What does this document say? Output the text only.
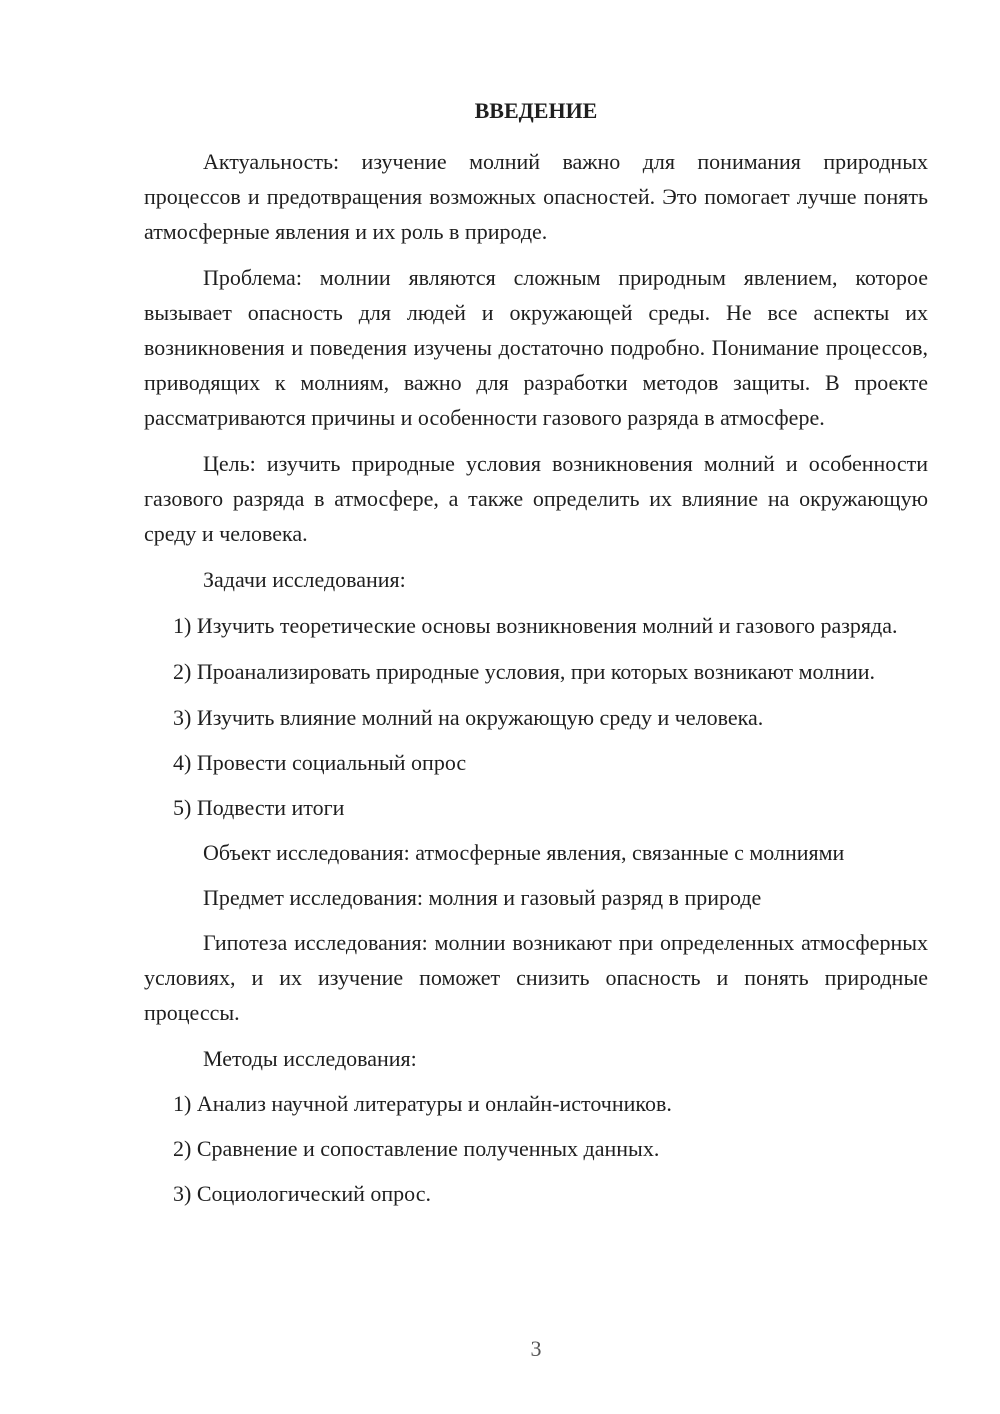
ВВЕДЕНИЕ

Актуальность: изучение молний важно для понимания природных процессов и предотвращения возможных опасностей. Это помогает лучше понять атмосферные явления и их роль в природе.

Проблема: молнии являются сложным природным явлением, которое вызывает опасность для людей и окружающей среды. Не все аспекты их возникновения и поведения изучены достаточно подробно. Понимание процессов, приводящих к молниям, важно для разработки методов защиты. В проекте рассматриваются причины и особенности газового разряда в атмосфере.

Цель: изучить природные условия возникновения молний и особенности газового разряда в атмосфере, а также определить их влияние на окружающую среду и человека.

Задачи исследования:

1) Изучить теоретические основы возникновения молний и газового разряда.

2) Проанализировать природные условия, при которых возникают молнии.

3) Изучить влияние молний на окружающую среду и человека.

4) Провести социальный опрос

5) Подвести итоги

Объект исследования: атмосферные явления, связанные с молниями

Предмет исследования: молния и газовый разряд в природе

Гипотеза исследования: молнии возникают при определенных атмосферных условиях, и их изучение поможет снизить опасность и понять природные процессы.

Методы исследования:

1) Анализ научной литературы и онлайн-источников.

2) Сравнение и сопоставление полученных данных.

3) Социологический опрос.

3
